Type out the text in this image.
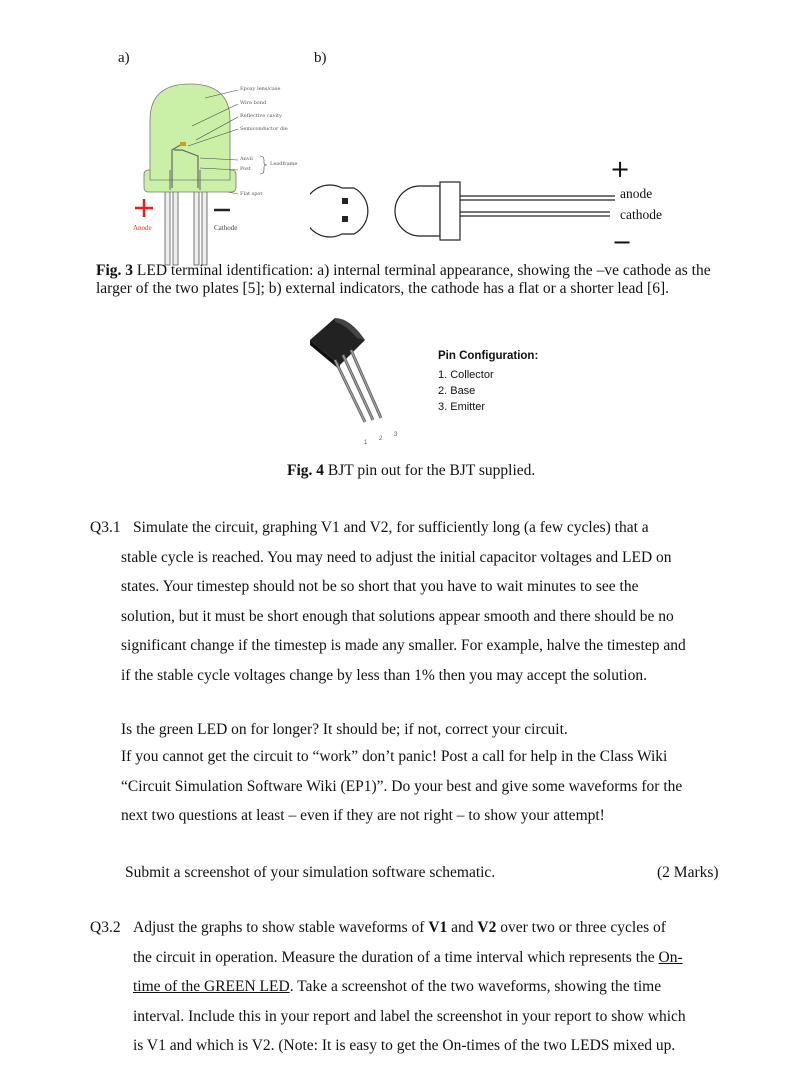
a)	b)
Epoxy lens/case
Wire bond
Reflective cavity
Semiconductor die
Anvil
Post
Leadframe
Flat spot
Anode	Cathode
+
−
anode
cathode
Fig. 3 LED terminal identification: a) internal terminal appearance, showing the –ve cathode as the larger of the two plates [5]; b) external indicators, the cathode has a flat or a shorter lead [6].
1
2
3
Pin Configuration:
1. Collector
2. Base
3. Emitter
Fig. 4 BJT pin out for the BJT supplied.
Q3.1 Simulate the circuit, graphing V1 and V2, for sufficiently long (a few cycles) that a
stable cycle is reached. You may need to adjust the initial capacitor voltages and LED on
states. Your timestep should not be so short that you have to wait minutes to see the
solution, but it must be short enough that solutions appear smooth and there should be no
significant change if the timestep is made any smaller. For example, halve the timestep and
if the stable cycle voltages change by less than 1% then you may accept the solution.
Is the green LED on for longer? It should be; if not, correct your circuit.
If you cannot get the circuit to “work” don’t panic! Post a call for help in the Class Wiki
“Circuit Simulation Software Wiki (EP1)”. Do your best and give some waveforms for the
next two questions at least – even if they are not right – to show your attempt!
Submit a screenshot of your simulation software schematic.	(2 Marks)
Q3.2 Adjust the graphs to show stable waveforms of V1 and V2 over two or three cycles of
the circuit in operation. Measure the duration of a time interval which represents the On-
time of the GREEN LED. Take a screenshot of the two waveforms, showing the time
interval. Include this in your report and label the screenshot in your report to show which
is V1 and which is V2. (Note: It is easy to get the On-times of the two LEDS mixed up.
